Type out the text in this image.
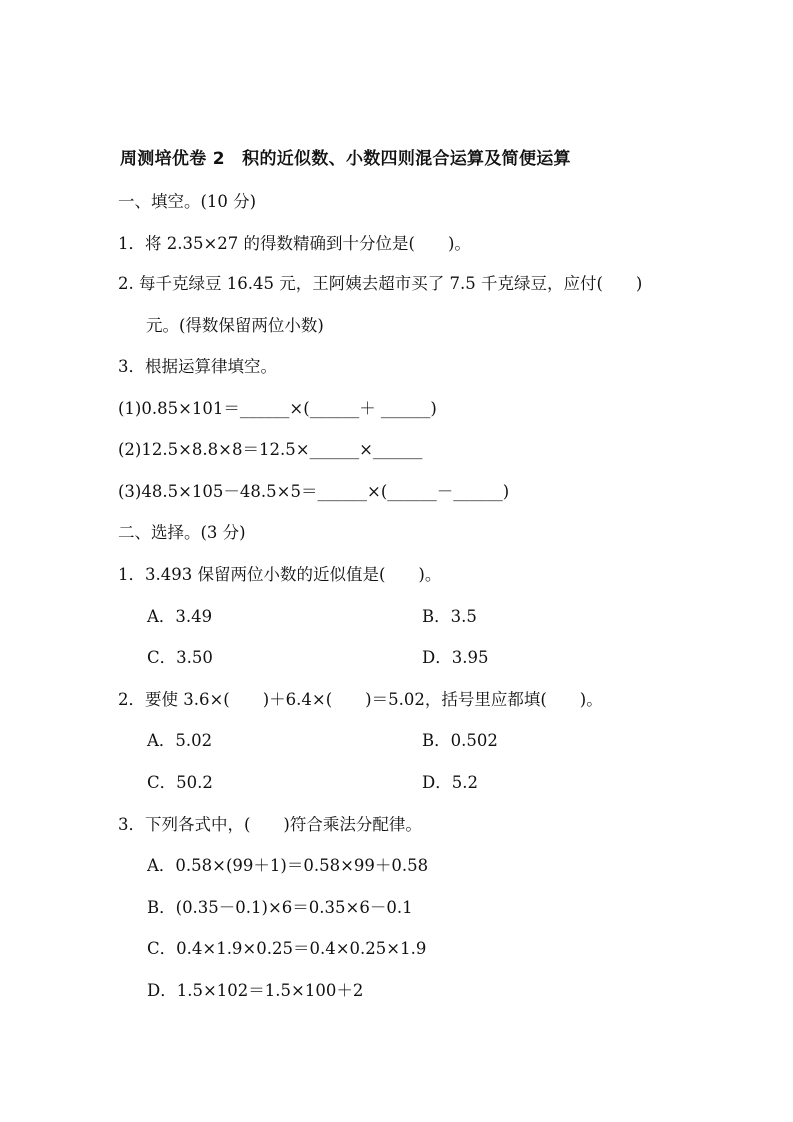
周测培优卷 2　积的近似数、小数四则混合运算及简便运算
一、填空。(10 分)
1．将 2.35×27 的得数精确到十分位是(　　)。
2. 每千克绿豆 16.45 元，王阿姨去超市买了 7.5 千克绿豆，应付(　　)
元。(得数保留两位小数)
3．根据运算律填空。
(1)0.85×101＝______×(______＋ ______)
(2)12.5×8.8×8＝12.5×______×______
(3)48.5×105－48.5×5＝______×(______－______)
二、选择。(3 分)
1．3.493 保留两位小数的近似值是(　　)。
A．3.49	B．3.5
C．3.50	D．3.95
2．要使 3.6×(　　)＋6.4×(　　)＝5.02，括号里应都填(　　)。
A．5.02	B．0.502
C．50.2	D．5.2
3．下列各式中，(　　)符合乘法分配律。
A．0.58×(99＋1)＝0.58×99＋0.58
B．(0.35－0.1)×6＝0.35×6－0.1
C．0.4×1.9×0.25＝0.4×0.25×1.9
D．1.5×102＝1.5×100＋2
